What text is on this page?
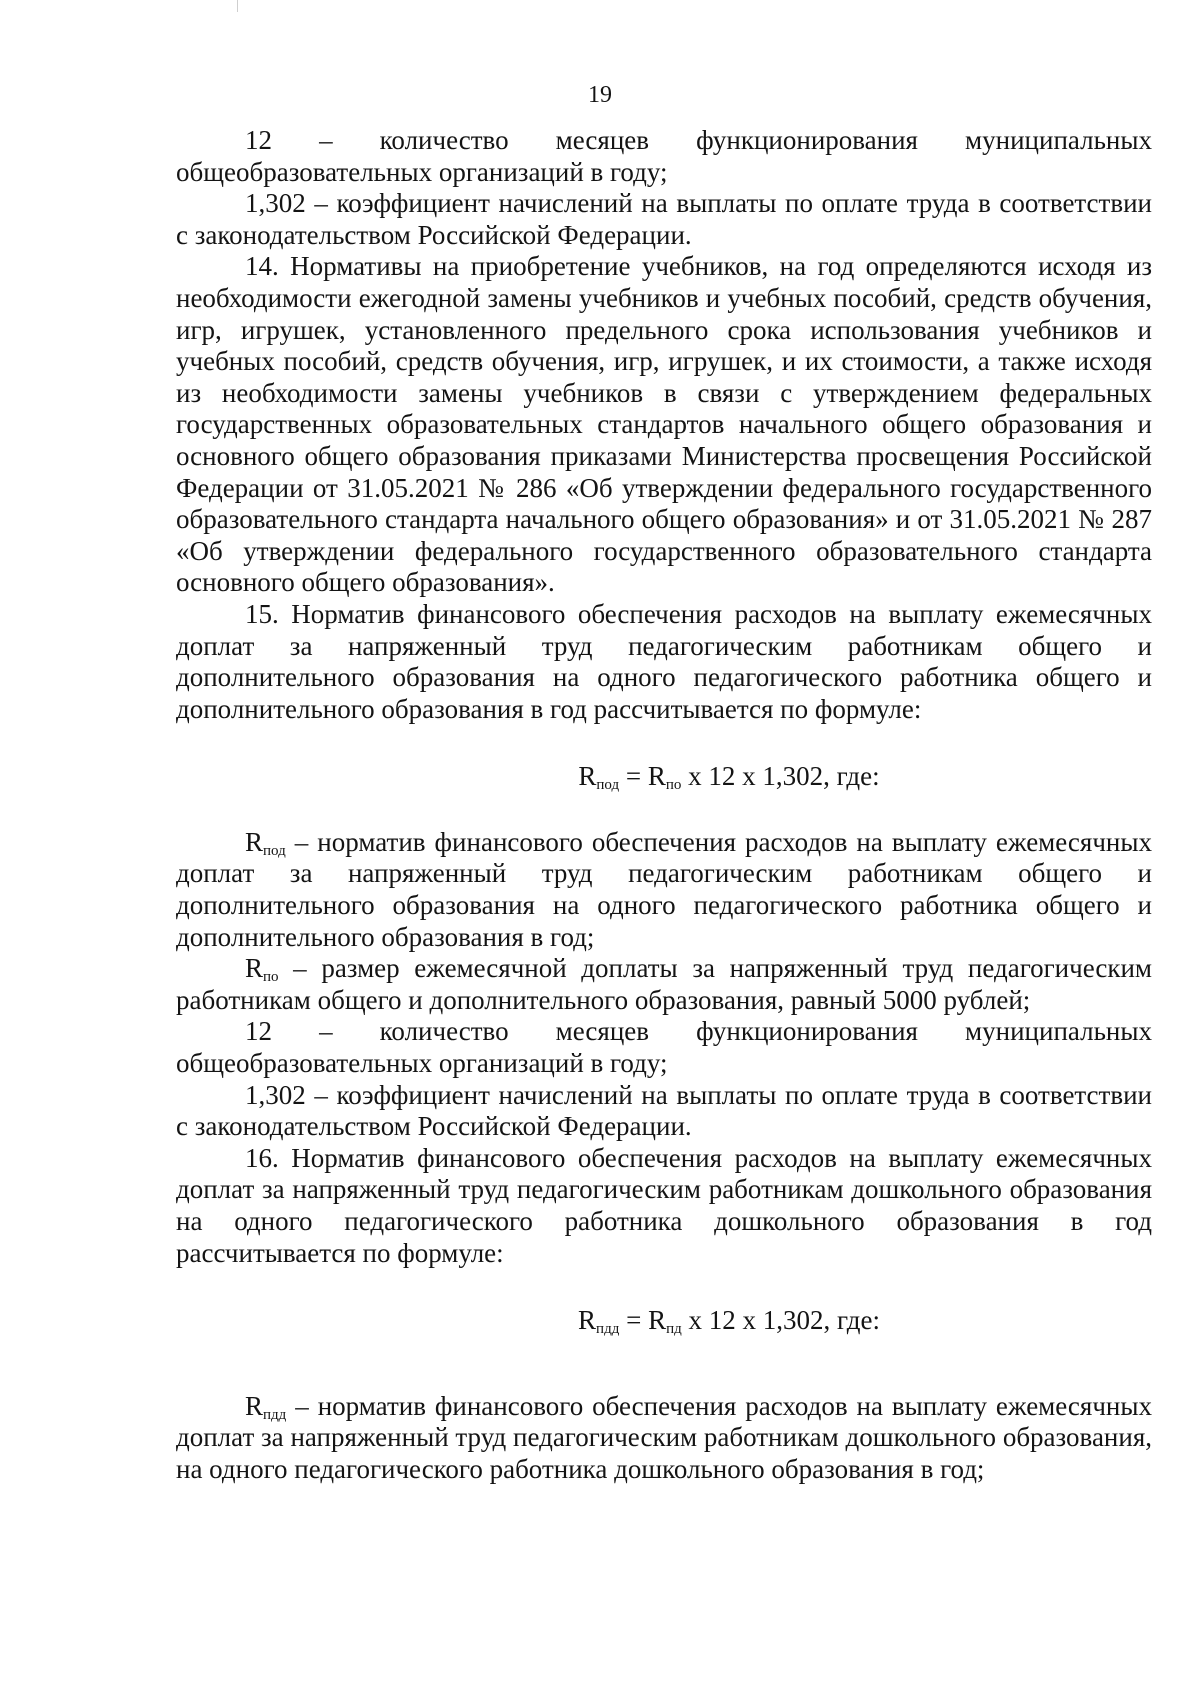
19

12 – количество месяцев функционирования муниципальных общеобразовательных организаций в году;

1,302 – коэффициент начислений на выплаты по оплате труда в соответствии с законодательством Российской Федерации.

14. Нормативы на приобретение учебников, на год определяются исходя из необходимости ежегодной замены учебников и учебных пособий, средств обучения, игр, игрушек, установленного предельного срока использования учебников и учебных пособий, средств обучения, игр, игрушек, и их стоимости, а также исходя из необходимости замены учебников в связи с утверждением федеральных государственных образовательных стандартов начального общего образования и основного общего образования приказами Министерства просвещения Российской Федерации от 31.05.2021 № 286 «Об утверждении федерального государственного образовательного стандарта начального общего образования» и от 31.05.2021 № 287 «Об утверждении федерального государственного образовательного стандарта основного общего образования».

15. Норматив финансового обеспечения расходов на выплату ежемесячных доплат за напряженный труд педагогическим работникам общего и дополнительного образования на одного педагогического работника общего и дополнительного образования в год рассчитывается по формуле:

$R_{под} = R_{по}$ х 12 х 1,302, где:

Rпод – норматив финансового обеспечения расходов на выплату ежемесячных доплат за напряженный труд педагогическим работникам общего и дополнительного образования на одного педагогического работника общего и дополнительного образования в год;

Rпо – размер ежемесячной доплаты за напряженный труд педагогическим работникам общего и дополнительного образования, равный 5000 рублей;

12 – количество месяцев функционирования муниципальных общеобразовательных организаций в году;

1,302 – коэффициент начислений на выплаты по оплате труда в соответствии с законодательством Российской Федерации.

16. Норматив финансового обеспечения расходов на выплату ежемесячных доплат за напряженный труд педагогическим работникам дошкольного образования на одного педагогического работника дошкольного образования в год рассчитывается по формуле:

$R_{пдд} = R_{пд}$ х 12 х 1,302, где:

Rпдд – норматив финансового обеспечения расходов на выплату ежемесячных доплат за напряженный труд педагогическим работникам дошкольного образования, на одного педагогического работника дошкольного образования в год;
